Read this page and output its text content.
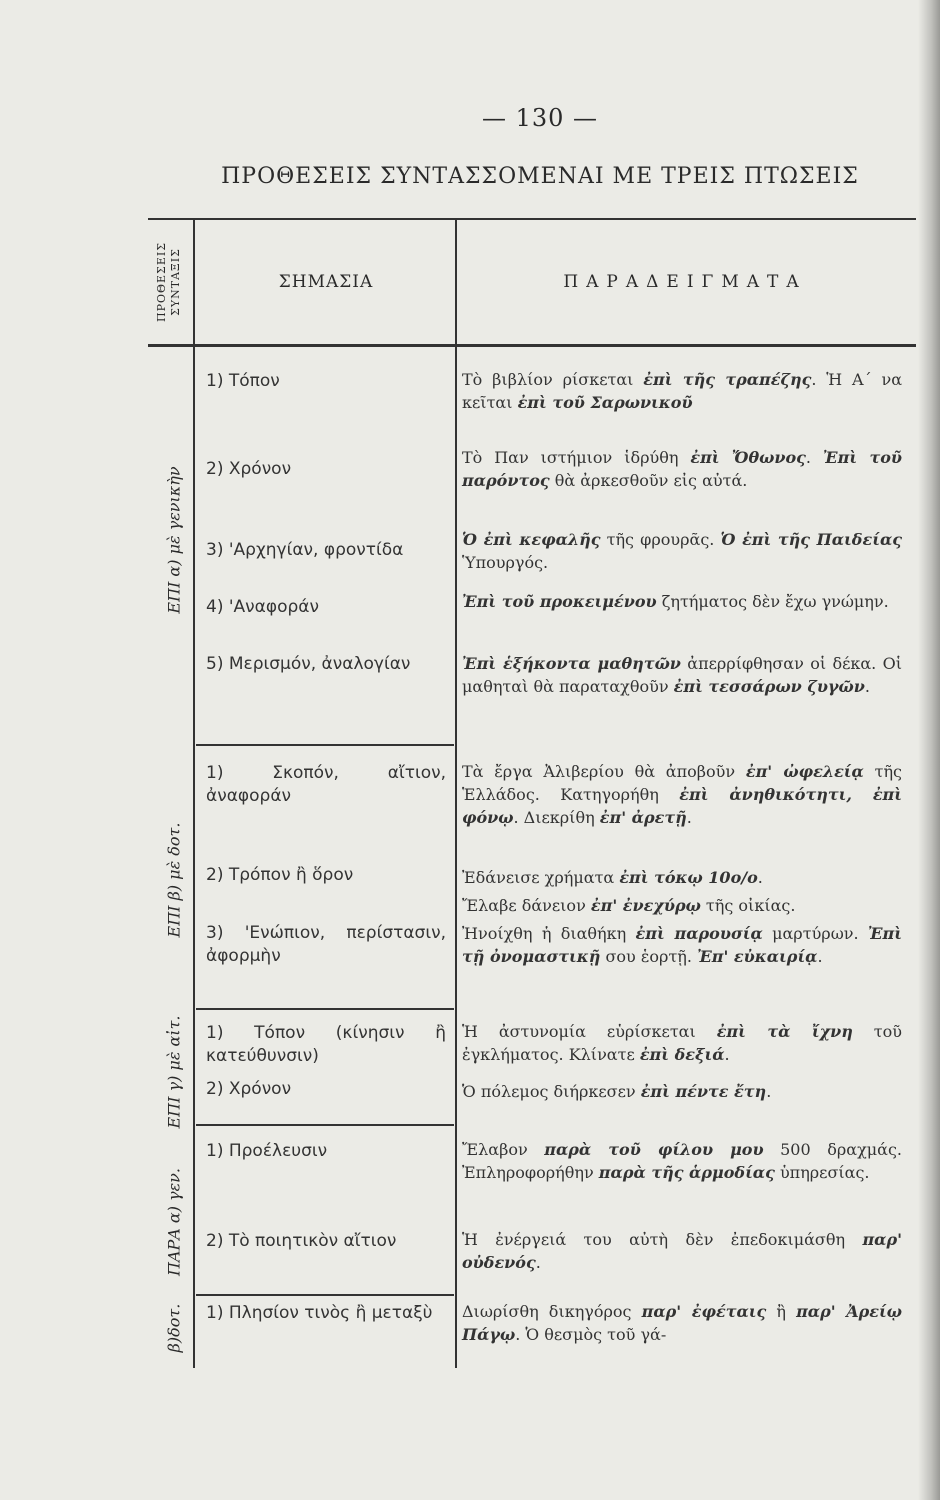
— 130 —
ΠΡΟΘΕΣΕΙΣ ΣΥΝΤΑΣΣΟΜΕΝΑΙ ΜΕ ΤΡΕΙΣ ΠΤΩΣΕΙΣ
ΠΡΟΘΕΣΕΙΣ ΣΥΝΤΑΞΙΣ	ΣΗΜΑΣΙΑ	ΠΑΡΑΔΕΙΓΜΑΤΑ
ΕΠΙ α) μὲ γενικὴν
ΕΠΙ β) μὲ δοτ.
ΕΠΙ γ) μὲ αἰτ.
ΠΑΡΑ α) γεν.
β)δοτ.
1) Τόπον
2) Χρόνον
3) 'Αρχηγίαν, φροντίδα
4) 'Αναφοράν
5) Μερισμόν, ἀναλογίαν
1) Σκοπόν, αἴτιον, ἀναφοράν
2) Τρόπον ἢ ὅρον
3) 'Ενώπιον, περίστασιν, ἀφορμὴν
1) Τόπον (κίνησιν ἢ κατεύθυνσιν)
2) Χρόνον
1) Προέλευσιν
2) Τὸ ποιητικὸν αἴτιον
1) Πλησίον τινὸς ἢ μεταξὺ
Τὸ βιβλίον ρίσκεται ἐπὶ τῆς τραπέζης. Ἡ Α΄ να κεῖται ἐπὶ τοῦ Σαρωνικοῦ
Τὸ Παν ιστήμιον ἱδρύθη ἐπὶ Ὄθωνος. Ἐπὶ τοῦ παρόντος θὰ ἀρκεσθοῦν εἰς αὐτά.
Ὁ ἐπὶ κεφαλῆς τῆς φρουρᾶς. Ὁ ἐπὶ τῆς Παιδείας Ὑπουργός.
Ἐπὶ τοῦ προκειμένου ζητήματος δὲν ἔχω γνώμην.
Ἐπὶ ἑξήκοντα μαθητῶν ἀπερρίφθησαν οἱ δέκα. Οἱ μαθηταὶ θὰ παραταχθοῦν ἐπὶ τεσσάρων ζυγῶν.
Τὰ ἔργα Ἀλιβερίου θὰ ἀποβοῦν ἐπ' ὠφελείᾳ τῆς Ἑλλάδος. Κατηγορήθη ἐπὶ ἀνηθικότητι, ἐπὶ φόνῳ. Διεκρίθη ἐπ' ἀρετῇ.
Ἐδάνεισε χρήματα ἐπὶ τόκῳ 10ο/ο.
Ἔλαβε δάνειον ἐπ' ἐνεχύρῳ τῆς οἰκίας.
Ἠνοίχθη ἡ διαθήκη ἐπὶ παρουσίᾳ μαρτύρων. Ἐπὶ τῇ ὀνομαστικῇ σου ἑορτῇ. Ἐπ' εὐκαιρίᾳ.
Ἡ ἀστυνομία εὑρίσκεται ἐπὶ τὰ ἴχνη τοῦ ἐγκλήματος. Κλίνατε ἐπὶ δεξιά.
Ὁ πόλεμος διήρκεσεν ἐπὶ πέντε ἔτη.
Ἔλαβον παρὰ τοῦ φίλου μου 500 δραχμάς. Ἐπληροφορήθην παρὰ τῆς ἁρμοδίας ὑπηρεσίας.
Ἡ ἐνέργειά του αὐτὴ δὲν ἐπεδοκιμάσθη παρ' οὐδενός.
Διωρίσθη δικηγόρος παρ' ἐφέταις ἢ παρ' Ἀρείῳ Πάγῳ. Ὁ θεσμὸς τοῦ γά-
